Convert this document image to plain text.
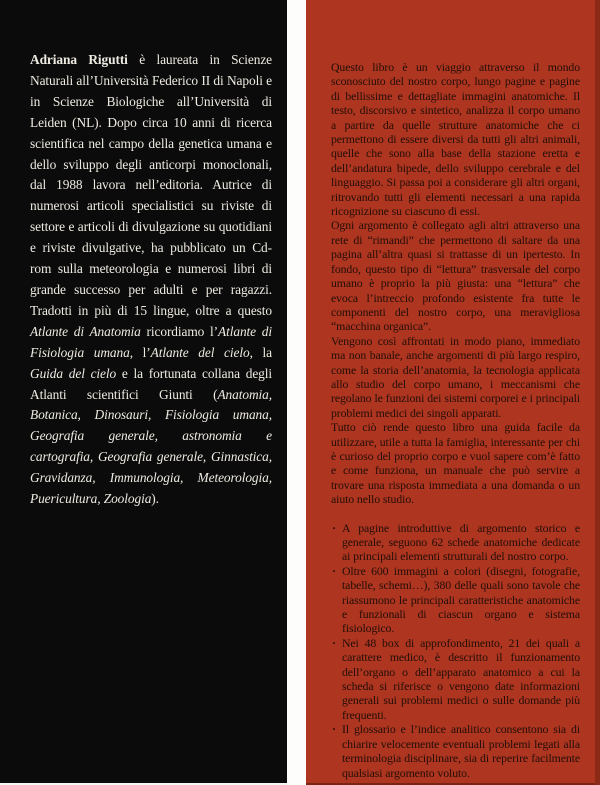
Adriana Rigutti è laureata in Scienze Naturali all’Università Federico II di Napoli e in Scienze Biologiche all’Università di Leiden (NL). Dopo circa 10 anni di ricerca scientifica nel campo della genetica umana e dello sviluppo degli anticorpi monoclonali, dal 1988 lavora nell’editoria. Autrice di numerosi articoli specialistici su riviste di settore e articoli di divulgazione su quotidiani e riviste divulgative, ha pubblicato un Cd-rom sulla meteorologia e numerosi libri di grande successo per adulti e per ragazzi. Tradotti in più di 15 lingue, oltre a questo Atlante di Anatomia ricordiamo l’Atlante di Fisiologia umana, l’Atlante del cielo, la Guida del cielo e la fortunata collana degli Atlanti scientifici Giunti (Anatomia, Botanica, Dinosauri, Fisiologia umana, Geografia generale, astronomia e cartografia, Geografia generale, Ginnastica, Gravidanza, Immunologia, Meteorologia, Puericultura, Zoologia).

Questo libro è un viaggio attraverso il mondo sconosciuto del nostro corpo, lungo pagine e pagine di bellissime e dettagliate immagini anatomiche. Il testo, discorsivo e sintetico, analizza il corpo umano a partire da quelle strutture anatomiche che ci permettono di essere diversi da tutti gli altri animali, quelle che sono alla base della stazione eretta e dell’andatura bipede, dello sviluppo cerebrale e del linguaggio. Si passa poi a considerare gli altri organi, ritrovando tutti gli elementi necessari a una rapida ricognizione su ciascuno di essi.

Ogni argomento è collegato agli altri attraverso una rete di “rimandi” che permettono di saltare da una pagina all’altra quasi si trattasse di un ipertesto. In fondo, questo tipo di “lettura” trasversale del corpo umano è proprio la più giusta: una “lettura” che evoca l’intreccio profondo esistente fra tutte le componenti del nostro corpo, una meravigliosa “macchina organica”.

Vengono così affrontati in modo piano, immediato ma non banale, anche argomenti di più largo respiro, come la storia dell’anatomia, la tecnologia applicata allo studio del corpo umano, i meccanismi che regolano le funzioni dei sistemi corporei e i principali problemi medici dei singoli apparati.

Tutto ciò rende questo libro una guida facile da utilizzare, utile a tutta la famiglia, interessante per chi è curioso del proprio corpo e vuol sapere com’è fatto e come funziona, un manuale che può servire a trovare una risposta immediata a una domanda o un aiuto nello studio.

· A pagine introduttive di argomento storico e generale, seguono 62 schede anatomiche dedicate ai principali elementi strutturali del nostro corpo.
· Oltre 600 immagini a colori (disegni, fotografie, tabelle, schemi…), 380 delle quali sono tavole che riassumono le principali caratteristiche anatomiche e funzionali di ciascun organo e sistema fisiologico.
· Nei 48 box di approfondimento, 21 dei quali a carattere medico, è descritto il funzionamento dell’organo o dell’apparato anatomico a cui la scheda si riferisce o vengono date informazioni generali sui problemi medici o sulle domande più frequenti.
· Il glossario e l’indice analitico consentono sia di chiarire velocemente eventuali problemi legati alla terminologia disciplinare, sia di reperire facilmente qualsiasi argomento voluto.
